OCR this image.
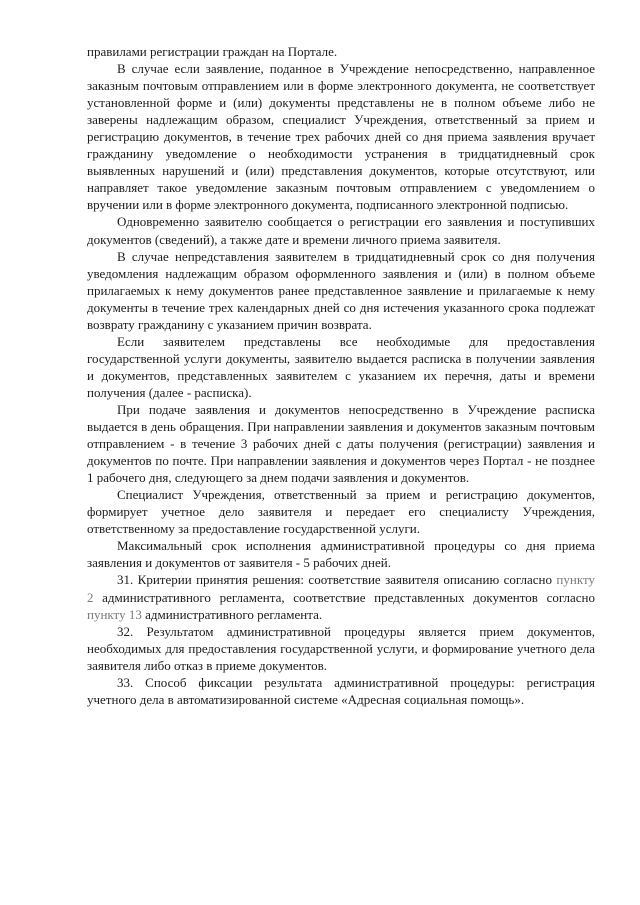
правилами регистрации граждан на Портале.

В случае если заявление, поданное в Учреждение непосредственно, направленное заказным почтовым отправлением или в форме электронного документа, не соответствует установленной форме и (или) документы представлены не в полном объеме либо не заверены надлежащим образом, специалист Учреждения, ответственный за прием и регистрацию документов, в течение трех рабочих дней со дня приема заявления вручает гражданину уведомление о необходимости устранения в тридцатидневный срок выявленных нарушений и (или) представления документов, которые отсутствуют, или направляет такое уведомление заказным почтовым отправлением с уведомлением о вручении или в форме электронного документа, подписанного электронной подписью.

Одновременно заявителю сообщается о регистрации его заявления и поступивших документов (сведений), а также дате и времени личного приема заявителя.

В случае непредставления заявителем в тридцатидневный срок со дня получения уведомления надлежащим образом оформленного заявления и (или) в полном объеме прилагаемых к нему документов ранее представленное заявление и прилагаемые к нему документы в течение трех календарных дней со дня истечения указанного срока подлежат возврату гражданину с указанием причин возврата.

Если заявителем представлены все необходимые для предоставления государственной услуги документы, заявителю выдается расписка в получении заявления и документов, представленных заявителем с указанием их перечня, даты и времени получения (далее - расписка).

При подаче заявления и документов непосредственно в Учреждение расписка выдается в день обращения. При направлении заявления и документов заказным почтовым отправлением - в течение 3 рабочих дней с даты получения (регистрации) заявления и документов по почте. При направлении заявления и документов через Портал - не позднее 1 рабочего дня, следующего за днем подачи заявления и документов.

Специалист Учреждения, ответственный за прием и регистрацию документов, формирует учетное дело заявителя и передает его специалисту Учреждения, ответственному за предоставление государственной услуги.

Максимальный срок исполнения административной процедуры со дня приема заявления и документов от заявителя - 5 рабочих дней.

31. Критерии принятия решения: соответствие заявителя описанию согласно пункту 2 административного регламента, соответствие представленных документов согласно пункту 13 административного регламента.

32. Результатом административной процедуры является прием документов, необходимых для предоставления государственной услуги, и формирование учетного дела заявителя либо отказ в приеме документов.

33. Способ фиксации результата административной процедуры: регистрация учетного дела в автоматизированной системе «Адресная социальная помощь».
